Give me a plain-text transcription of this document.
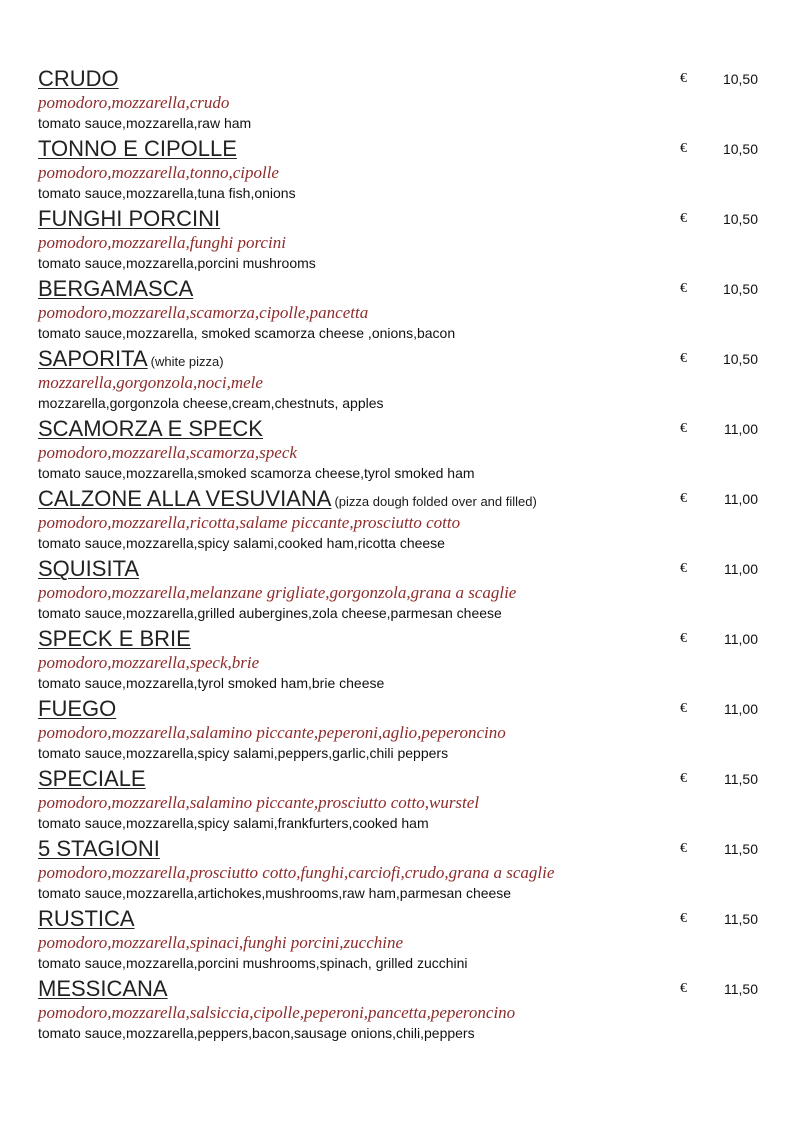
CRUDO
pomodoro,mozzarella,crudo
tomato sauce,mozzarella,raw ham
€	10,50
TONNO E CIPOLLE
pomodoro,mozzarella,tonno,cipolle
tomato sauce,mozzarella,tuna fish,onions
€	10,50
FUNGHI PORCINI
pomodoro,mozzarella,funghi porcini
tomato sauce,mozzarella,porcini mushrooms
€	10,50
BERGAMASCA
pomodoro,mozzarella,scamorza,cipolle,pancetta
tomato sauce,mozzarella, smoked scamorza cheese ,onions,bacon
€	10,50
SAPORITA (white pizza)
mozzarella,gorgonzola,noci,mele
mozzarella,gorgonzola cheese,cream,chestnuts, apples
€	10,50
SCAMORZA E SPECK
pomodoro,mozzarella,scamorza,speck
tomato sauce,mozzarella,smoked scamorza cheese,tyrol smoked ham
€	11,00
CALZONE ALLA VESUVIANA (pizza dough folded over and filled)
pomodoro,mozzarella,ricotta,salame piccante,prosciutto cotto
tomato sauce,mozzarella,spicy salami,cooked ham,ricotta cheese
€	11,00
SQUISITA
pomodoro,mozzarella,melanzane grigliate,gorgonzola,grana a scaglie
tomato sauce,mozzarella,grilled aubergines,zola cheese,parmesan cheese
€	11,00
SPECK E BRIE
pomodoro,mozzarella,speck,brie
tomato sauce,mozzarella,tyrol smoked ham,brie cheese
€	11,00
FUEGO
pomodoro,mozzarella,salamino piccante,peperoni,aglio,peperoncino
tomato sauce,mozzarella,spicy salami,peppers,garlic,chili peppers
€	11,00
SPECIALE
pomodoro,mozzarella,salamino piccante,prosciutto cotto,wurstel
tomato sauce,mozzarella,spicy salami,frankfurters,cooked ham
€	11,50
5 STAGIONI
pomodoro,mozzarella,prosciutto cotto,funghi,carciofi,crudo,grana a scaglie
tomato sauce,mozzarella,artichokes,mushrooms,raw ham,parmesan cheese
€	11,50
RUSTICA
pomodoro,mozzarella,spinaci,funghi porcini,zucchine
tomato sauce,mozzarella,porcini mushrooms,spinach, grilled zucchini
€	11,50
MESSICANA
pomodoro,mozzarella,salsiccia,cipolle,peperoni,pancetta,peperoncino
tomato sauce,mozzarella,peppers,bacon,sausage onions,chili,peppers
€	11,50
